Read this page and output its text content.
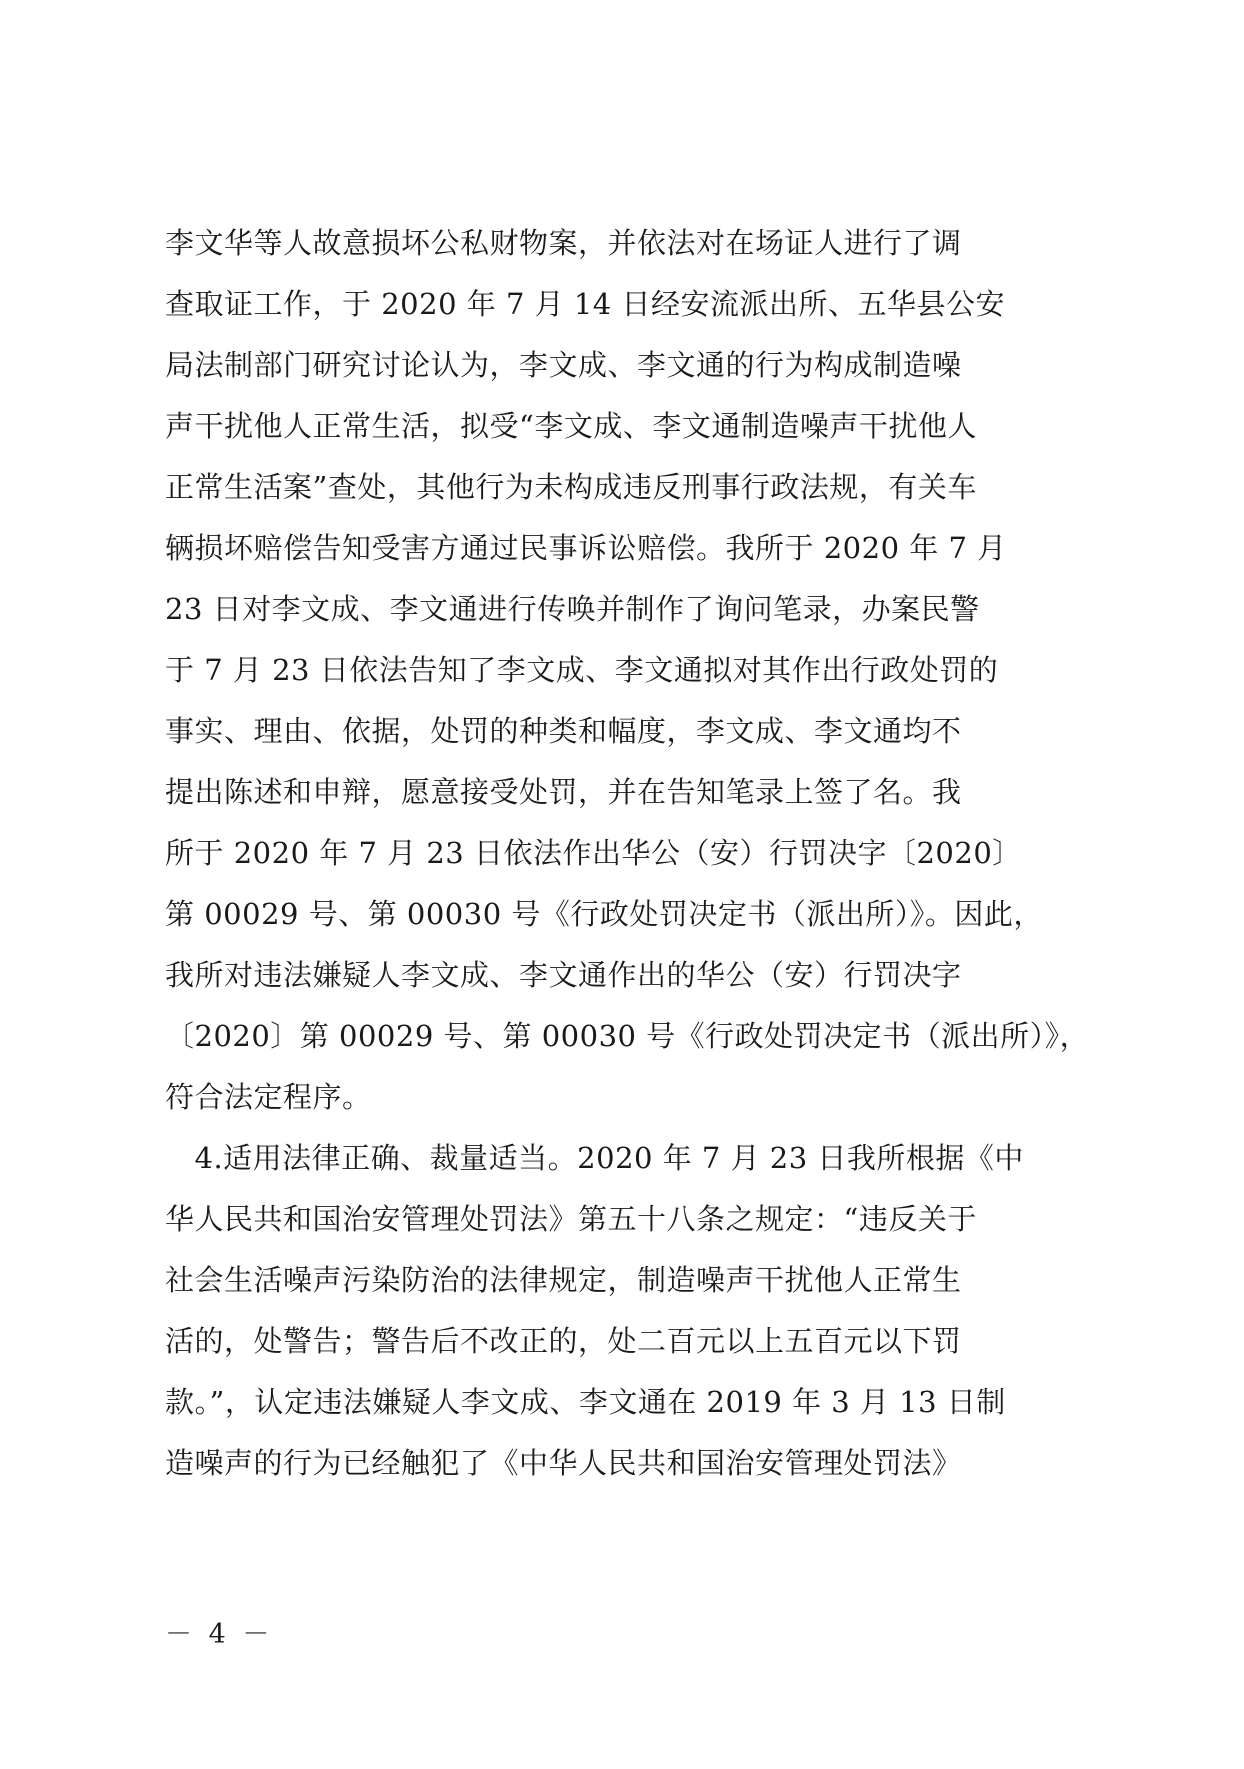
李文华等人故意损坏公私财物案，并依法对在场证人进行了调
查取证工作，于 2020 年 7 月 14 日经安流派出所、五华县公安
局法制部门研究讨论认为，李文成、李文通的行为构成制造噪
声干扰他人正常生活，拟受“李文成、李文通制造噪声干扰他人
正常生活案”查处，其他行为未构成违反刑事行政法规，有关车
辆损坏赔偿告知受害方通过民事诉讼赔偿。我所于 2020 年 7 月
23 日对李文成、李文通进行传唤并制作了询问笔录，办案民警
于 7 月 23 日依法告知了李文成、李文通拟对其作出行政处罚的
事实、理由、依据，处罚的种类和幅度，李文成、李文通均不
提出陈述和申辩，愿意接受处罚，并在告知笔录上签了名。我
所于 2020 年 7 月 23 日依法作出华公（安）行罚决字〔2020〕
第 00029 号、第 00030 号《行政处罚决定书（派出所）》。因此，
我所对违法嫌疑人李文成、李文通作出的华公（安）行罚决字
〔2020〕第 00029 号、第 00030 号《行政处罚决定书（派出所）》，
符合法定程序。
　4.适用法律正确、裁量适当。2020 年 7 月 23 日我所根据《中
华人民共和国治安管理处罚法》第五十八条之规定：“违反关于
社会生活噪声污染防治的法律规定，制造噪声干扰他人正常生
活的，处警告；警告后不改正的，处二百元以上五百元以下罚
款。”，认定违法嫌疑人李文成、李文通在 2019 年 3 月 13 日制
造噪声的行为已经触犯了《中华人民共和国治安管理处罚法》
－ 4 －
